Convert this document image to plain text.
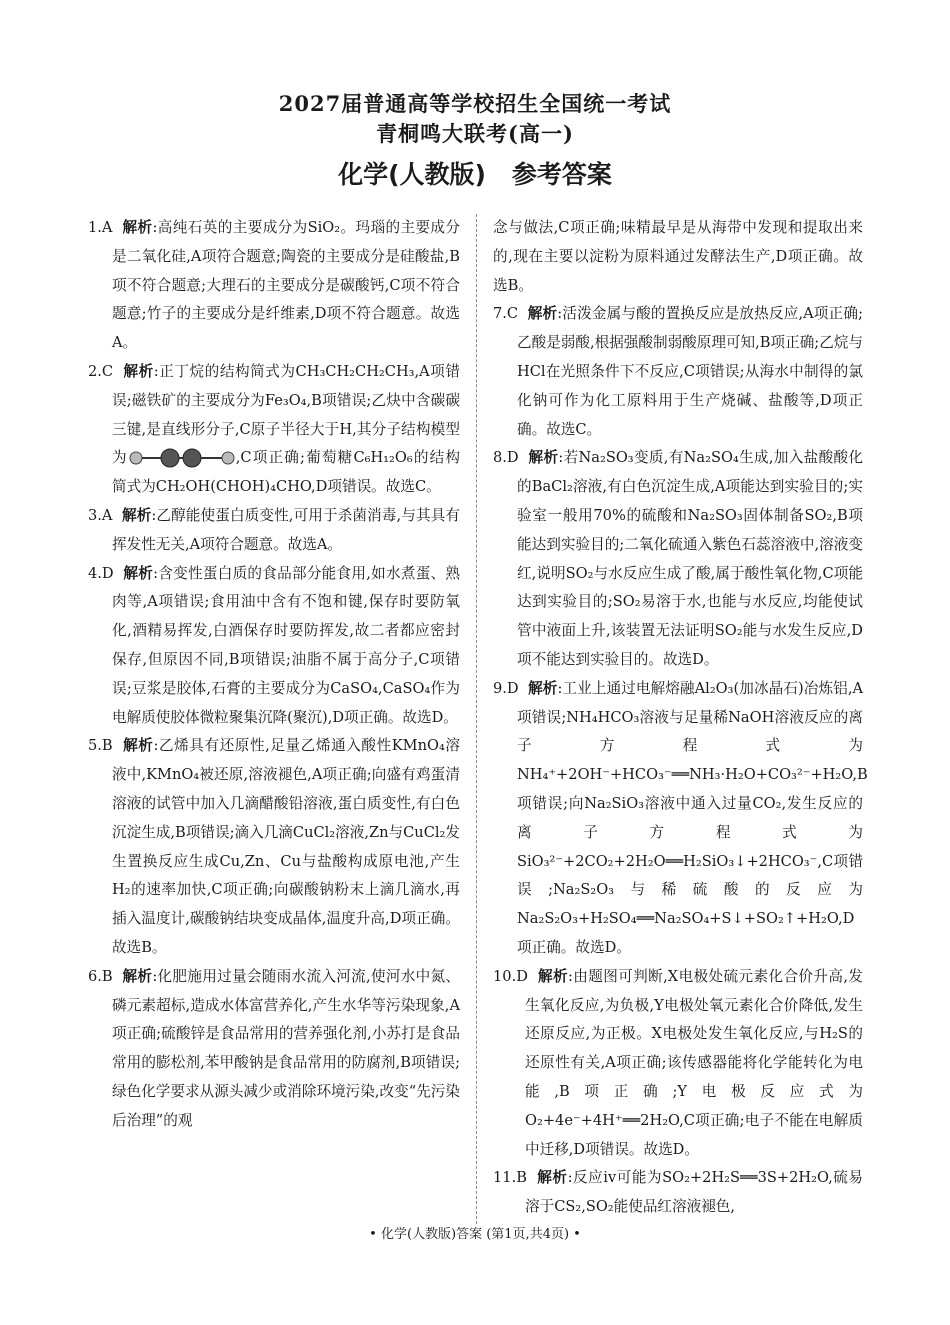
2027届普通高等学校招生全国统一考试
青桐鸣大联考(高一)
化学(人教版) 参考答案

1.A 解析:高纯石英的主要成分为SiO₂。玛瑙的主要成分是二氧化硅,A项符合题意;陶瓷的主要成分是硅酸盐,B项不符合题意;大理石的主要成分是碳酸钙,C项不符合题意;竹子的主要成分是纤维素,D项不符合题意。故选A。

2.C 解析:正丁烷的结构简式为CH₃CH₂CH₂CH₃,A项错误;磁铁矿的主要成分为Fe₃O₄,B项错误;乙炔中含碳碳三键,是直线形分子,C原子半径大于H,其分子结构模型为	,C项正确;葡萄糖C₆H₁₂O₆的结构简式为CH₂OH(CHOH)₄CHO,D项错误。故选C。

3.A 解析:乙醇能使蛋白质变性,可用于杀菌消毒,与其具有挥发性无关,A项符合题意。故选A。

4.D 解析:含变性蛋白质的食品部分能食用,如水煮蛋、熟肉等,A项错误;食用油中含有不饱和键,保存时要防氧化,酒精易挥发,白酒保存时要防挥发,故二者都应密封保存,但原因不同,B项错误;油脂不属于高分子,C项错误;豆浆是胶体,石膏的主要成分为CaSO₄,CaSO₄作为电解质使胶体微粒聚集沉降(聚沉),D项正确。故选D。

5.B 解析:乙烯具有还原性,足量乙烯通入酸性KMnO₄溶液中,KMnO₄被还原,溶液褪色,A项正确;向盛有鸡蛋清溶液的试管中加入几滴醋酸铅溶液,蛋白质变性,有白色沉淀生成,B项错误;滴入几滴CuCl₂溶液,Zn与CuCl₂发生置换反应生成Cu,Zn、Cu与盐酸构成原电池,产生H₂的速率加快,C项正确;向碳酸钠粉末上滴几滴水,再插入温度计,碳酸钠结块变成晶体,温度升高,D项正确。故选B。

6.B 解析:化肥施用过量会随雨水流入河流,使河水中氮、磷元素超标,造成水体富营养化,产生水华等污染现象,A项正确;硫酸锌是食品常用的营养强化剂,小苏打是食品常用的膨松剂,苯甲酸钠是食品常用的防腐剂,B项错误;绿色化学要求从源头减少或消除环境污染,改变“先污染后治理”的观

念与做法,C项正确;味精最早是从海带中发现和提取出来的,现在主要以淀粉为原料通过发酵法生产,D项正确。故选B。

7.C 解析:活泼金属与酸的置换反应是放热反应,A项正确;乙酸是弱酸,根据强酸制弱酸原理可知,B项正确;乙烷与HCl在光照条件下不反应,C项错误;从海水中制得的氯化钠可作为化工原料用于生产烧碱、盐酸等,D项正确。故选C。

8.D 解析:若Na₂SO₃变质,有Na₂SO₄生成,加入盐酸酸化的BaCl₂溶液,有白色沉淀生成,A项能达到实验目的;实验室一般用70%的硫酸和Na₂SO₃固体制备SO₂,B项能达到实验目的;二氧化硫通入紫色石蕊溶液中,溶液变红,说明SO₂与水反应生成了酸,属于酸性氧化物,C项能达到实验目的;SO₂易溶于水,也能与水反应,均能使试管中液面上升,该装置无法证明SO₂能与水发生反应,D项不能达到实验目的。故选D。

9.D 解析:工业上通过电解熔融Al₂O₃(加冰晶石)冶炼铝,A项错误;NH₄HCO₃溶液与足量稀NaOH溶液反应的离子方程式为NH₄⁺+2OH⁻+HCO₃⁻══NH₃·H₂O+CO₃²⁻+H₂O,B项错误;向Na₂SiO₃溶液中通入过量CO₂,发生反应的离子方程式为SiO₃²⁻+2CO₂+2H₂O══H₂SiO₃↓+2HCO₃⁻,C项错误;Na₂S₂O₃与稀硫酸的反应为Na₂S₂O₃+H₂SO₄══Na₂SO₄+S↓+SO₂↑+H₂O,D项正确。故选D。

10.D 解析:由题图可判断,X电极处硫元素化合价升高,发生氧化反应,为负极,Y电极处氧元素化合价降低,发生还原反应,为正极。X电极处发生氧化反应,与H₂S的还原性有关,A项正确;该传感器能将化学能转化为电能,B项正确;Y电极反应式为O₂+4e⁻+4H⁺══2H₂O,C项正确;电子不能在电解质中迁移,D项错误。故选D。

11.B 解析:反应iv可能为SO₂+2H₂S══3S+2H₂O,硫易溶于CS₂,SO₂能使品红溶液褪色,

• 化学(人教版)答案 (第1页,共4页) •
